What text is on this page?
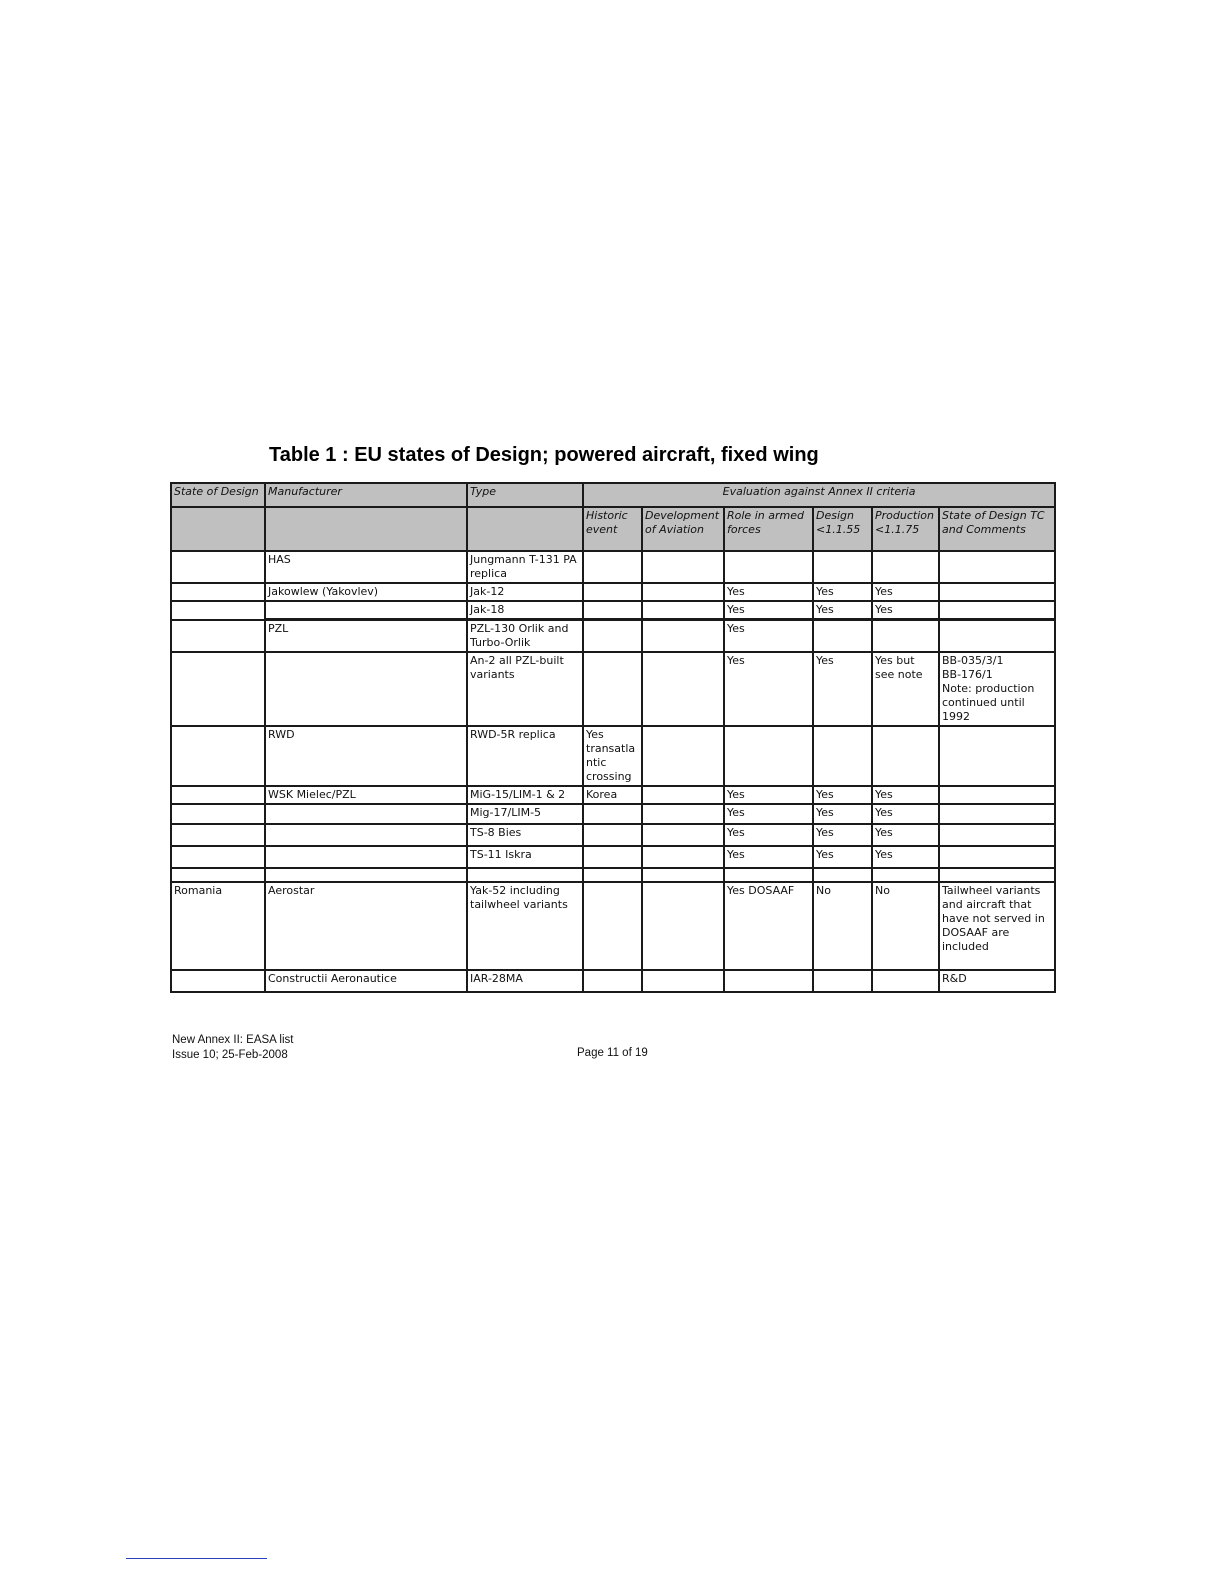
Table 1 : EU states of Design; powered aircraft, fixed wing
State of Design	Manufacturer	Type	Evaluation against Annex II criteria					
			Historic event	Development of Aviation	Role in armed forces	Design <1.1.55	Production <1.1.75	State of Design TC and Comments
	HAS	Jungmann T-131 PA replica						
	Jakowlew (Yakovlev)	Jak-12			Yes	Yes	Yes	
		Jak-18			Yes	Yes	Yes	
	PZL	PZL-130 Orlik and Turbo-Orlik			Yes			
		An-2 all PZL-built variants			Yes	Yes	Yes but see note	BB-035/3/1
BB-176/1
Note: production continued until 1992
	RWD	RWD-5R replica	Yes transatlantic crossing					
	WSK Mielec/PZL	MiG-15/LIM-1 & 2	Korea		Yes	Yes	Yes	
		Mig-17/LIM-5			Yes	Yes	Yes	
		TS-8 Bies			Yes	Yes	Yes	
		TS-11 Iskra			Yes	Yes	Yes	

Romania	Aerostar	Yak-52 including tailwheel variants			Yes DOSAAF	No	No	Tailwheel variants and aircraft that have not served in DOSAAF are included
	Constructii Aeronautice	IAR-28MA						R&D
New Annex II: EASA list
Issue 10; 25-Feb-2008	Page 11 of 19
